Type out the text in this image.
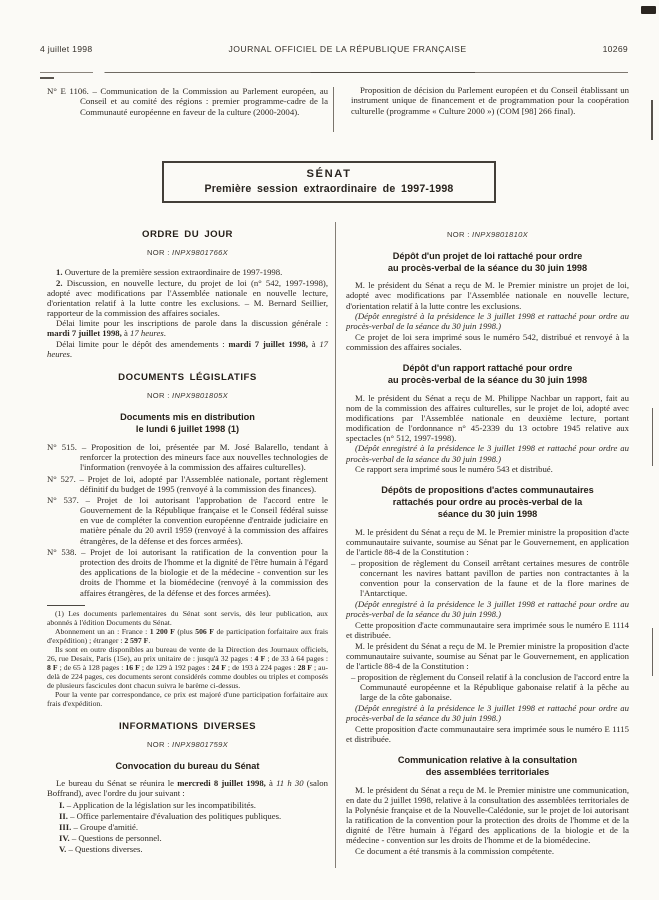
4 juillet 1998	JOURNAL OFFICIEL DE LA RÉPUBLIQUE FRANÇAISE	10269
N° E 1106. – Communication de la Commission au Parlement européen, au Conseil et au comité des régions : premier programme-cadre de la Communauté européenne en faveur de la culture (2000-2004).
Proposition de décision du Parlement européen et du Conseil établissant un instrument unique de financement et de programmation pour la coopération culturelle (programme « Culture 2000 ») (COM [98] 266 final).
SÉNAT
Première session extraordinaire de 1997-1998
ORDRE DU JOUR
NOR : INPX9801766X
1. Ouverture de la première session extraordinaire de 1997-1998.
2. Discussion, en nouvelle lecture, du projet de loi (n° 542, 1997-1998), adopté avec modifications par l'Assemblée nationale en nouvelle lecture, d'orientation relatif à la lutte contre les exclusions. – M. Bernard Seillier, rapporteur de la commission des affaires sociales.
Délai limite pour les inscriptions de parole dans la discussion générale : mardi 7 juillet 1998, à 17 heures.
Délai limite pour le dépôt des amendements : mardi 7 juillet 1998, à 17 heures.
DOCUMENTS LÉGISLATIFS
NOR : INPX9801805X
Documents mis en distribution
le lundi 6 juillet 1998 (1)
N° 515. – Proposition de loi, présentée par M. José Balarello, tendant à renforcer la protection des mineurs face aux nouvelles technologies de l'information (renvoyée à la commission des affaires culturelles).
N° 527. – Projet de loi, adopté par l'Assemblée nationale, portant règlement définitif du budget de 1995 (renvoyé à la commission des finances).
N° 537. – Projet de loi autorisant l'approbation de l'accord entre le Gouvernement de la République française et le Conseil fédéral suisse en vue de compléter la convention européenne d'entraide judiciaire en matière pénale du 20 avril 1959 (renvoyé à la commission des affaires étrangères, de la défense et des forces armées).
N° 538. – Projet de loi autorisant la ratification de la convention pour la protection des droits de l'homme et la dignité de l'être humain à l'égard des applications de la biologie et de la médecine - convention sur les droits de l'homme et la biomédecine (renvoyé à la commission des affaires étrangères, de la défense et des forces armées).
(1) Les documents parlementaires du Sénat sont servis, dès leur publication, aux abonnés à l'édition Documents du Sénat.
Abonnement un an : France : 1 200 F (plus 506 F de participation forfaitaire aux frais d'expédition) ; étranger : 2 597 F.
Ils sont en outre disponibles au bureau de vente de la Direction des Journaux officiels, 26, rue Desaix, Paris (15e), au prix unitaire de : jusqu'à 32 pages : 4 F ; de 33 à 64 pages : 8 F ; de 65 à 128 pages : 16 F ; de 129 à 192 pages : 24 F ; de 193 à 224 pages : 28 F ; au-delà de 224 pages, ces documents seront considérés comme doubles ou triples et composés de plusieurs fascicules dont chacun suivra le barème ci-dessus.
Pour la vente par correspondance, ce prix est majoré d'une participation forfaitaire aux frais d'expédition.
INFORMATIONS DIVERSES
NOR : INPX9801759X
Convocation du bureau du Sénat
Le bureau du Sénat se réunira le mercredi 8 juillet 1998, à 11 h 30 (salon Boffrand), avec l'ordre du jour suivant :
I. – Application de la législation sur les incompatibilités.
II. – Office parlementaire d'évaluation des politiques publiques.
III. – Groupe d'amitié.
IV. – Questions de personnel.
V. – Questions diverses.
NOR : INPX9801810X
Dépôt d'un projet de loi rattaché pour ordre
au procès-verbal de la séance du 30 juin 1998
M. le président du Sénat a reçu de M. le Premier ministre un projet de loi, adopté avec modifications par l'Assemblée nationale en nouvelle lecture, d'orientation relatif à la lutte contre les exclusions.
(Dépôt enregistré à la présidence le 3 juillet 1998 et rattaché pour ordre au procès-verbal de la séance du 30 juin 1998.)
Ce projet de loi sera imprimé sous le numéro 542, distribué et renvoyé à la commission des affaires sociales.
Dépôt d'un rapport rattaché pour ordre
au procès-verbal de la séance du 30 juin 1998
M. le président du Sénat a reçu de M. Philippe Nachbar un rapport, fait au nom de la commission des affaires culturelles, sur le projet de loi, adopté avec modifications par l'Assemblée nationale en deuxième lecture, portant modification de l'ordonnance n° 45-2339 du 13 octobre 1945 relative aux spectacles (n° 512, 1997-1998).
(Dépôt enregistré à la présidence le 3 juillet 1998 et rattaché pour ordre au procès-verbal de la séance du 30 juin 1998.)
Ce rapport sera imprimé sous le numéro 543 et distribué.
Dépôts de propositions d'actes communautaires
rattachés pour ordre au procès-verbal de la
séance du 30 juin 1998
M. le président du Sénat a reçu de M. le Premier ministre la proposition d'acte communautaire suivante, soumise au Sénat par le Gouvernement, en application de l'article 88-4 de la Constitution :
– proposition de règlement du Conseil arrêtant certaines mesures de contrôle concernant les navires battant pavillon de parties non contractantes à la convention pour la conservation de la faune et de la flore marines de l'Antarctique.
(Dépôt enregistré à la présidence le 3 juillet 1998 et rattaché pour ordre au procès-verbal de la séance du 30 juin 1998.)
Cette proposition d'acte communautaire sera imprimée sous le numéro E 1114 et distribuée.
M. le président du Sénat a reçu de M. le Premier ministre la proposition d'acte communautaire suivante, soumise au Sénat par le Gouvernement, en application de l'article 88-4 de la Constitution :
– proposition de règlement du Conseil relatif à la conclusion de l'accord entre la Communauté européenne et la République gabonaise relatif à la pêche au large de la côte gabonaise.
(Dépôt enregistré à la présidence le 3 juillet 1998 et rattaché pour ordre au procès-verbal de la séance du 30 juin 1998.)
Cette proposition d'acte communautaire sera imprimée sous le numéro E 1115 et distribuée.
Communication relative à la consultation
des assemblées territoriales
M. le président du Sénat a reçu de M. le Premier ministre une communication, en date du 2 juillet 1998, relative à la consultation des assemblées territoriales de la Polynésie française et de la Nouvelle-Calédonie, sur le projet de loi autorisant la ratification de la convention pour la protection des droits de l'homme et de la dignité de l'être humain à l'égard des applications de la biologie et de la médecine - convention sur les droits de l'homme et de la biomédecine.
Ce document a été transmis à la commission compétente.
